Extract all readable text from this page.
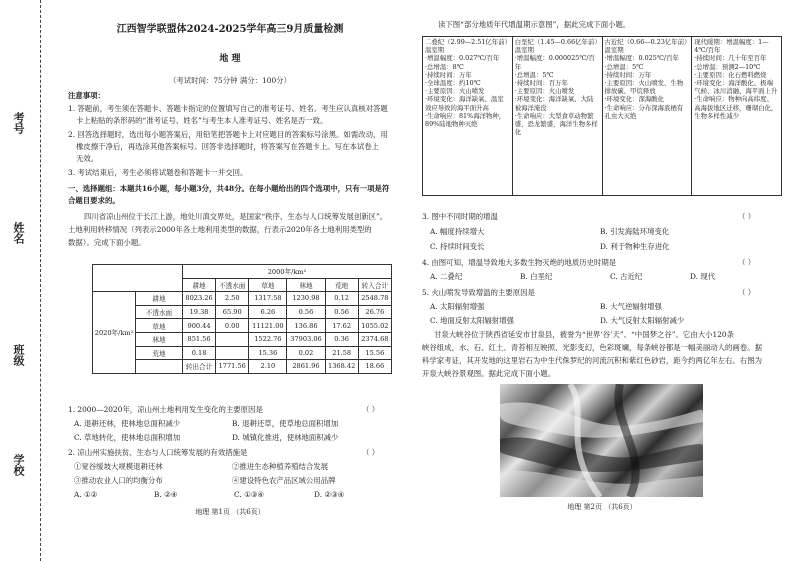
考号
姓名
班级
学校
江西智学联盟体2024-2025学年高三9月质量检测
地 理
（考试时间：75分钟 满分：100分）
注意事项：
1. 答题前，考生须在答题卡、答题卡指定的位置填写自己的准考证号、姓名。考生应认真核对答题
卡上粘贴的条形码的“准考证号、姓名”与考生本人准考证号、姓名是否一致。
2. 回答选择题时，选出每小题答案后，用铅笔把答题卡上对应题目的答案标号涂黑。如需改动，用
橡皮擦干净后，再选涂其他答案标号。回答非选择题时，将答案写在答题卡上。写在本试卷上
无效。
3. 考试结束后，考生必须将试题卷和答题卡一并交回。
一、选择题组：本题共16小题，每小题3分，共48分。在每小题给出的四个选项中，只有一项是符
合题目要求的。
四川省凉山州位于长江上游，地处川滇交界处，是国家“秩序、生态与人口统筹发展创新区”。
土地利用转移情况（列表示2000年各土地利用类型的数据，行表示2020年各土地利用类型的
数据）。完成下面小题。
		2000年/km²					
		耕地	不透水面	草地	林地	荒地	转入合计
2020年/km²	耕地	8023.26	2.50	1317.58	1230.98	0.12	2548.78
	不透水面	19.38	65.90	6.26	0.56	0.56	26.76
	草地	900.44	0.00	11121.00	136.86	17.62	1055.02
	林地	851.56		1522.76	37903.06	0.36	2374.68
	荒地	0.18		15.36	0.02	21.58	15.56
		转出合计	1771.56	2.10	2861.96	1368.42	18.66
1. 2000—2020年，凉山州土地利用发生变化的主要原因是	（ ）
A. 退耕还林，使林地总面积减少	B. 退耕还草，使草地总面积增加
C. 草地转化，使林地总面积增加	D. 城镇化推进，使林地面积减少
2. 凉山州实施扶贫、生态与人口统筹发展的有效措施是	（ ）
①宽谷缓坡大规模退耕还林	②推进生态种植养殖结合发展
③推动农业人口的均衡分布	④建设特色农产品区域公用品牌
A. ①②	B. ②④	C. ①③④	D. ②③④
地理 第1页 （共6页）
读下图“部分地质年代增温期示意图”，据此完成下面小题。
二叠纪（2.99—2.51亿年前）温室期
·增温幅度：0.027℃/百年
·总增温：8℃
·持续时间：万年
·全球温度：约10℃
·主要原因：火山喷发
·环境变化：海洋缺氧、温室效应导致的海平面升高
·生命响应：81%海洋物种，89%陆地物种灭绝

白垩纪（1.45—0.66亿年前）温室期
·增温幅度：0.000025℃/百年
·总增温：5℃
·持续时间：百万年
·主要原因：火山喷发
·环境变化：海洋缺氧、大陆被海洋淹没
·生命响应：大型食草动物繁盛，恐龙繁盛，海洋生物多样化

古近纪（0.66—0.23亿年前）温室期
·增温幅度：0.025℃/百年
·总增温：5℃
·持续时间：万年
·主要原因：火山喷发、生物排放碳、甲烷释放
·环境变化：深海酸化
·生命响应：分布深海底栖有孔虫大灭绝

现代暖期：增温幅度：1—4℃/百年
·持续时间：几十年至百年
·总增温：预测2—10℃
·主要原因：化石燃料燃烧
·环境变化：海洋酸化、极端气候、冰川消融、海平面上升
·生命响应：物种向高纬度、高海拔地区迁移，珊瑚白化，生物多样性减少
3. 图中不同时期的增温	（ ）
A. 幅度持续增大	B. 引发海陆环境变化
C. 持续时间变长	D. 利于物种生存进化
4. 由图可知，增温导致地大多数生物灭绝的地质历史时期是	（ ）
A. 二叠纪	B. 白垩纪	C. 古近纪	D. 现代
5. 火山喷发导致增温的主要原因是	（ ）
A. 太阳辐射增强	B. 大气逆辐射增强
C. 地面反射太阳辐射增强	D. 大气反射太阳辐射减少
甘泉大峡谷位于陕西省延安市甘泉县，被誉为“世界‘谷’天”、“中国梦之谷”。它由大小120条
峡谷组成，水、石、红土、青苔相互映照、光影变幻，色彩斑斓，每条峡谷都是一幅美丽动人的画卷。据
科学家考证，其开发地的这里岩石为中生代侏罗纪的河流沉积和紫红色砂岩，距今约两亿年左右。右图为
开泉大峡谷景观图。据此完成下面小题。
地理 第2页 （共6页）
